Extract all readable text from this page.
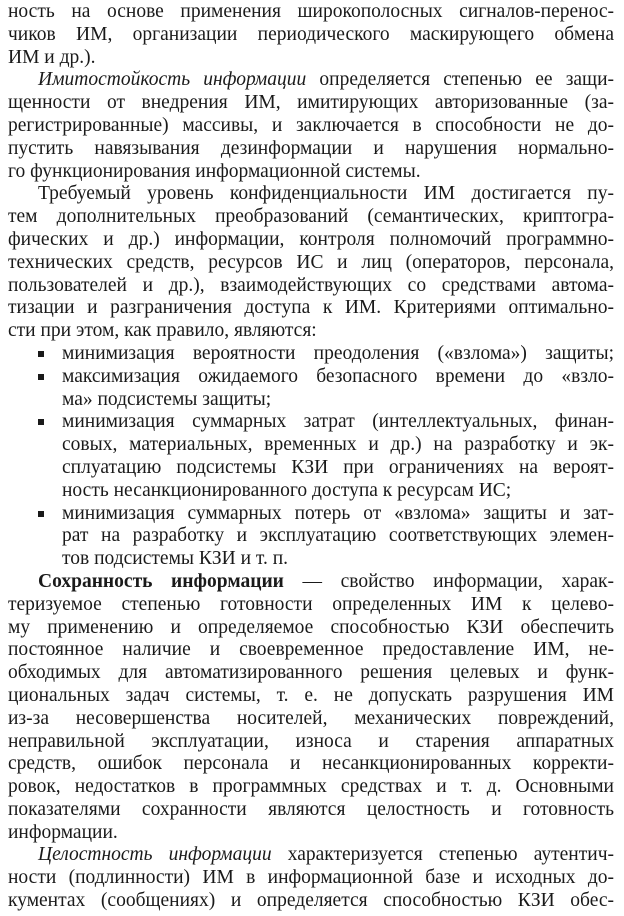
ность на основе применения широкополосных сигналов-перенос-
чиков ИМ, организации периодического маскирующего обмена
ИМ и др.).
Имитостойкость информации определяется степенью ее защи-
щенности от внедрения ИМ, имитирующих авторизованные (за-
регистрированные) массивы, и заключается в способности не до-
пустить навязывания дезинформации и нарушения нормально-
го функционирования информационной системы.
Требуемый уровень конфиденциальности ИМ достигается пу-
тем дополнительных преобразований (семантических, криптогра-
фических и др.) информации, контроля полномочий программно-
технических средств, ресурсов ИС и лиц (операторов, персонала,
пользователей и др.), взаимодействующих со средствами автома-
тизации и разграничения доступа к ИМ. Критериями оптимально-
сти при этом, как правило, являются:
минимизация вероятности преодоления («взлома») защиты;
максимизация ожидаемого безопасного времени до «взло-
ма» подсистемы защиты;
минимизация суммарных затрат (интеллектуальных, финан-
совых, материальных, временных и др.) на разработку и эк-
сплуатацию подсистемы КЗИ при ограничениях на вероят-
ность несанкционированного доступа к ресурсам ИС;
минимизация суммарных потерь от «взлома» защиты и зат-
рат на разработку и эксплуатацию соответствующих элемен-
тов подсистемы КЗИ и т. п.
Сохранность информации — свойство информации, харак-
теризуемое степенью готовности определенных ИМ к целево-
му применению и определяемое способностью КЗИ обеспечить
постоянное наличие и своевременное предоставление ИМ, не-
обходимых для автоматизированного решения целевых и функ-
циональных задач системы, т. е. не допускать разрушения ИМ
из-за несовершенства носителей, механических повреждений,
неправильной эксплуатации, износа и старения аппаратных
средств, ошибок персонала и несанкционированных корректи-
ровок, недостатков в программных средствах и т. д. Основными
показателями сохранности являются целостность и готовность
информации.
Целостность информации характеризуется степенью аутентич-
ности (подлинности) ИМ в информационной базе и исходных до-
кументах (сообщениях) и определяется способностью КЗИ обес-
